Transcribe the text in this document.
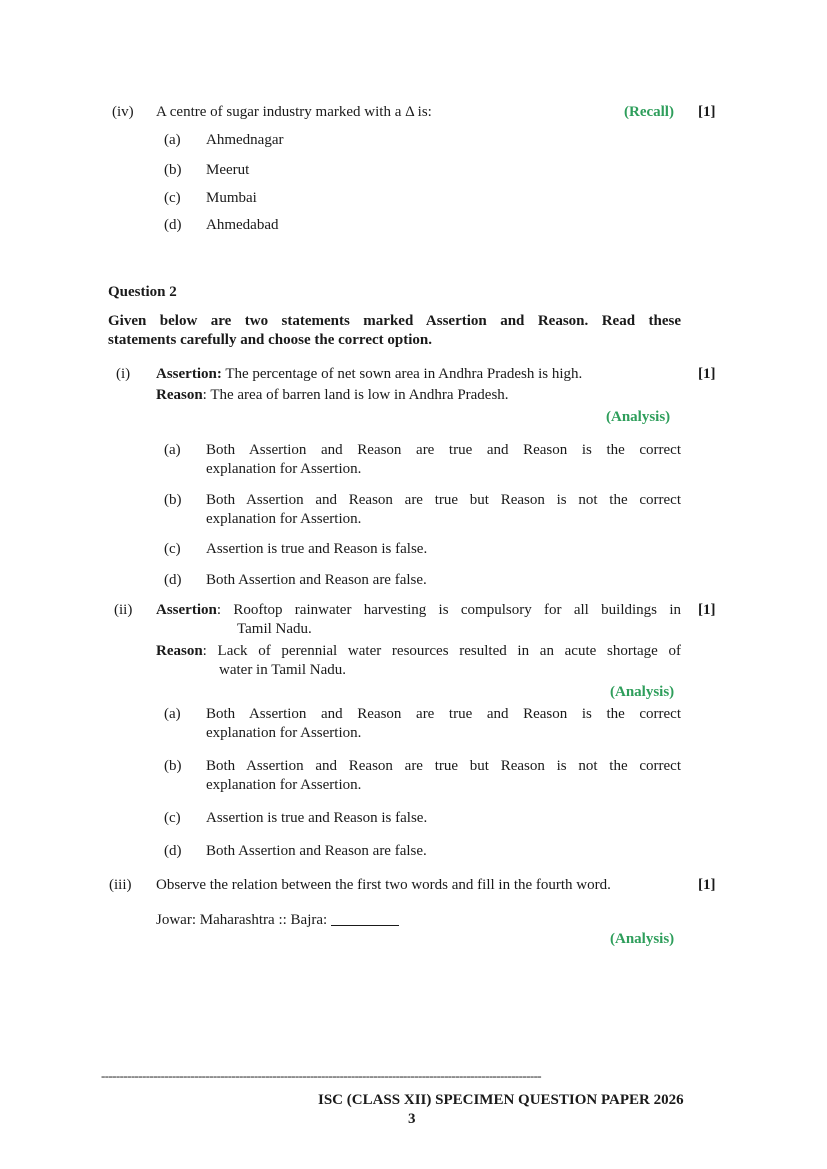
(iv) A centre of sugar industry marked with a Δ is:	(Recall) [1]
(a) Ahmednagar
(b) Meerut
(c) Mumbai
(d) Ahmedabad
Question 2
Given below are two statements marked Assertion and Reason. Read these
statements carefully and choose the correct option.
(i) Assertion: The percentage of net sown area in Andhra Pradesh is high.	[1]
Reason: The area of barren land is low in Andhra Pradesh.
(Analysis)
(a) Both Assertion and Reason are true and Reason is the correct
explanation for Assertion.
(b) Both Assertion and Reason are true but Reason is not the correct
explanation for Assertion.
(c) Assertion is true and Reason is false.
(d) Both Assertion and Reason are false.
(ii) Assertion: Rooftop rainwater harvesting is compulsory for all buildings in [1]
Tamil Nadu.
Reason: Lack of perennial water resources resulted in an acute shortage of
water in Tamil Nadu.
(Analysis)
(a) Both Assertion and Reason are true and Reason is the correct
explanation for Assertion.
(b) Both Assertion and Reason are true but Reason is not the correct
explanation for Assertion.
(c) Assertion is true and Reason is false.
(d) Both Assertion and Reason are false.
(iii) Observe the relation between the first two words and fill in the fourth word.	[1]
Jowar: Maharashtra :: Bajra:
(Analysis)
----------------------------------------------------------------------------------------------------------------------
ISC (CLASS XII) SPECIMEN QUESTION PAPER 2026
3
